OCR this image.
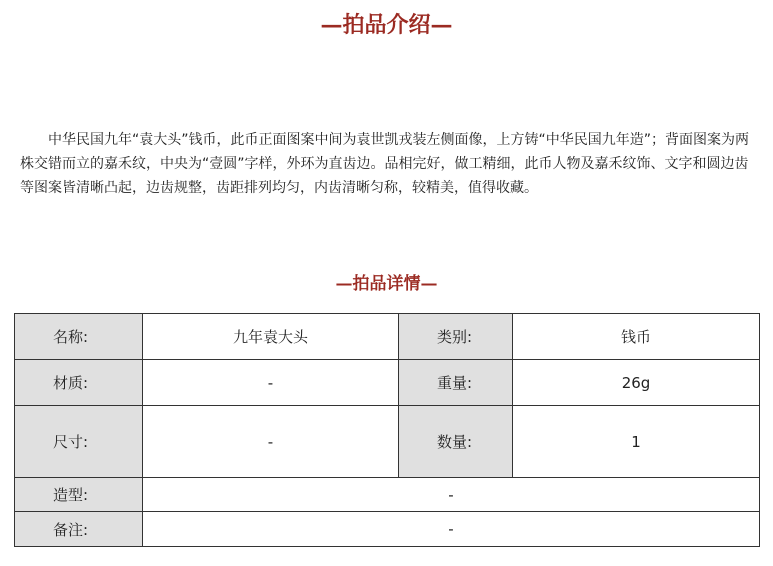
—拍品介绍—

中华民国九年“袁大头”钱币，此币正面图案中间为袁世凯戎装左侧面像，上方铸“中华民国九年造”；背面图案为两株交错而立的嘉禾纹，中央为“壹圆”字样，外环为直齿边。品相完好，做工精细，此币人物及嘉禾纹饰、文字和圆边齿等图案皆清晰凸起，边齿规整，齿距排列均匀，内齿清晰匀称，较精美，值得收藏。

—拍品详情—
名称:	九年袁大头	类别:	钱币
材质:	-	重量:	26g
尺寸:	-	数量:	1
造型:	-		
备注:	-		
